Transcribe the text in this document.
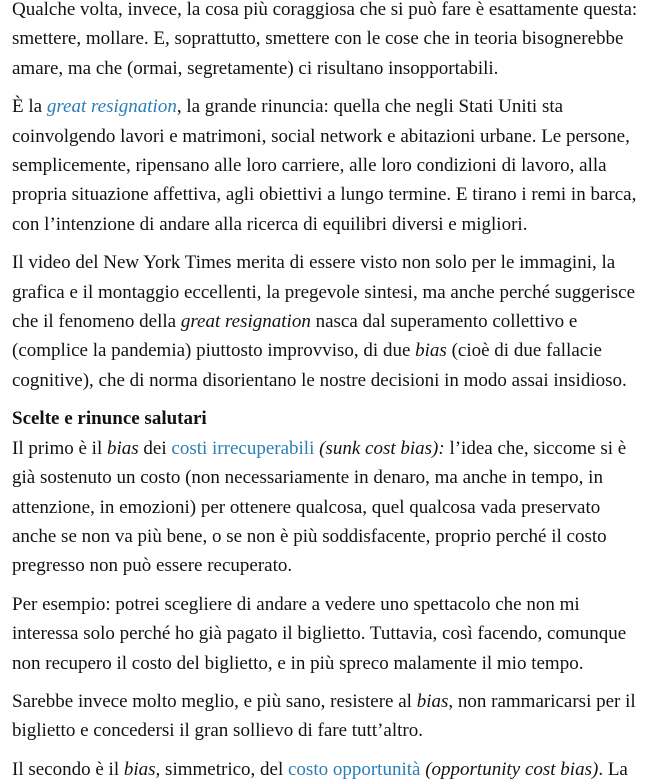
Qualche volta, invece, la cosa più coraggiosa che si può fare è esattamente questa: smettere, mollare. E, soprattutto, smettere con le cose che in teoria bisognerebbe amare, ma che (ormai, segretamente) ci risultano insopportabili.

È la great resignation, la grande rinuncia: quella che negli Stati Uniti sta coinvolgendo lavori e matrimoni, social network e abitazioni urbane. Le persone, semplicemente, ripensano alle loro carriere, alle loro condizioni di lavoro, alla propria situazione affettiva, agli obiettivi a lungo termine. E tirano i remi in barca, con l’intenzione di andare alla ricerca di equilibri diversi e migliori.

Il video del New York Times merita di essere visto non solo per le immagini, la grafica e il montaggio eccellenti, la pregevole sintesi, ma anche perché suggerisce che il fenomeno della great resignation nasca dal superamento collettivo e (complice la pandemia) piuttosto improvviso, di due bias (cioè di due fallacie cognitive), che di norma disorientano le nostre decisioni in modo assai insidioso.

Scelte e rinunce salutari

Il primo è il bias dei costi irrecuperabili (sunk cost bias): l’idea che, siccome si è già sostenuto un costo (non necessariamente in denaro, ma anche in tempo, in attenzione, in emozioni) per ottenere qualcosa, quel qualcosa vada preservato anche se non va più bene, o se non è più soddisfacente, proprio perché il costo pregresso non può essere recuperato.

Per esempio: potrei scegliere di andare a vedere uno spettacolo che non mi interessa solo perché ho già pagato il biglietto. Tuttavia, così facendo, comunque non recupero il costo del biglietto, e in più spreco malamente il mio tempo.

Sarebbe invece molto meglio, e più sano, resistere al bias, non rammaricarsi per il biglietto e concedersi il gran sollievo di fare tutt’altro.

Il secondo è il bias, simmetrico, del costo opportunità (opportunity cost bias). La
